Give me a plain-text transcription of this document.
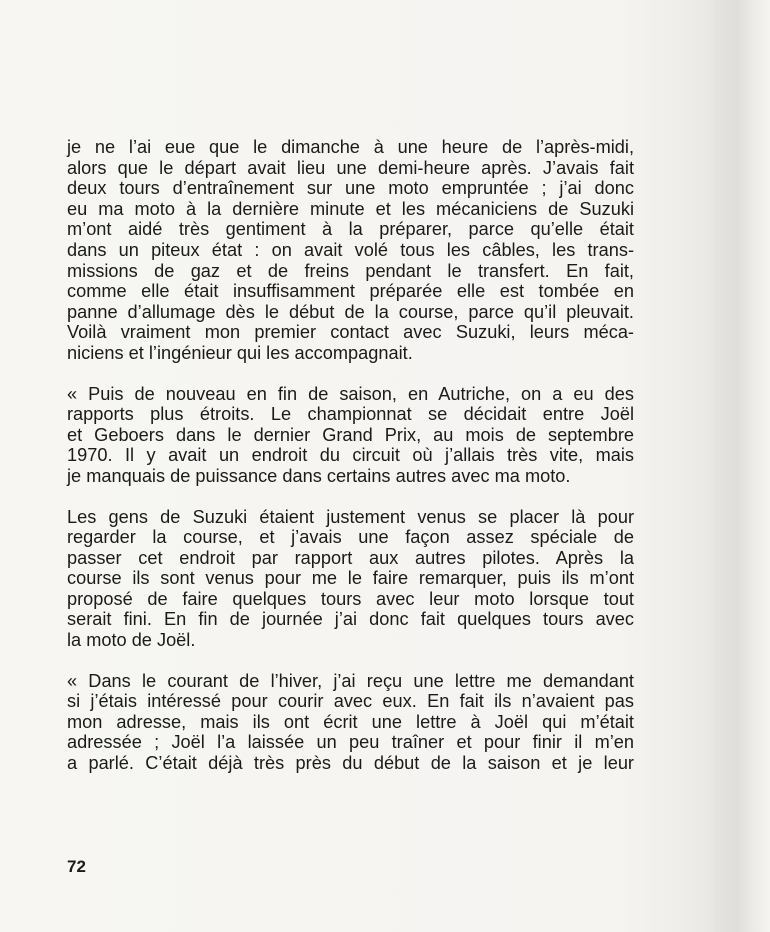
je ne l’ai eue que le dimanche à une heure de l’après-midi,
alors que le départ avait lieu une demi-heure après. J’avais fait
deux tours d’entraînement sur une moto empruntée ; j’ai donc
eu ma moto à la dernière minute et les mécaniciens de Suzuki
m’ont aidé très gentiment à la préparer, parce qu’elle était
dans un piteux état : on avait volé tous les câbles, les trans-
missions de gaz et de freins pendant le transfert. En fait,
comme elle était insuffisamment préparée elle est tombée en
panne d’allumage dès le début de la course, parce qu’il pleuvait.
Voilà vraiment mon premier contact avec Suzuki, leurs méca-
niciens et l’ingénieur qui les accompagnait.

« Puis de nouveau en fin de saison, en Autriche, on a eu des
rapports plus étroits. Le championnat se décidait entre Joël
et Geboers dans le dernier Grand Prix, au mois de septembre
1970. Il y avait un endroit du circuit où j’allais très vite, mais
je manquais de puissance dans certains autres avec ma moto.

Les gens de Suzuki étaient justement venus se placer là pour
regarder la course, et j’avais une façon assez spéciale de
passer cet endroit par rapport aux autres pilotes. Après la
course ils sont venus pour me le faire remarquer, puis ils m’ont
proposé de faire quelques tours avec leur moto lorsque tout
serait fini. En fin de journée j’ai donc fait quelques tours avec
la moto de Joël.

« Dans le courant de l’hiver, j’ai reçu une lettre me demandant
si j’étais intéressé pour courir avec eux. En fait ils n’avaient pas
mon adresse, mais ils ont écrit une lettre à Joël qui m’était
adressée ; Joël l’a laissée un peu traîner et pour finir il m’en
a parlé. C’était déjà très près du début de la saison et je leur

72
